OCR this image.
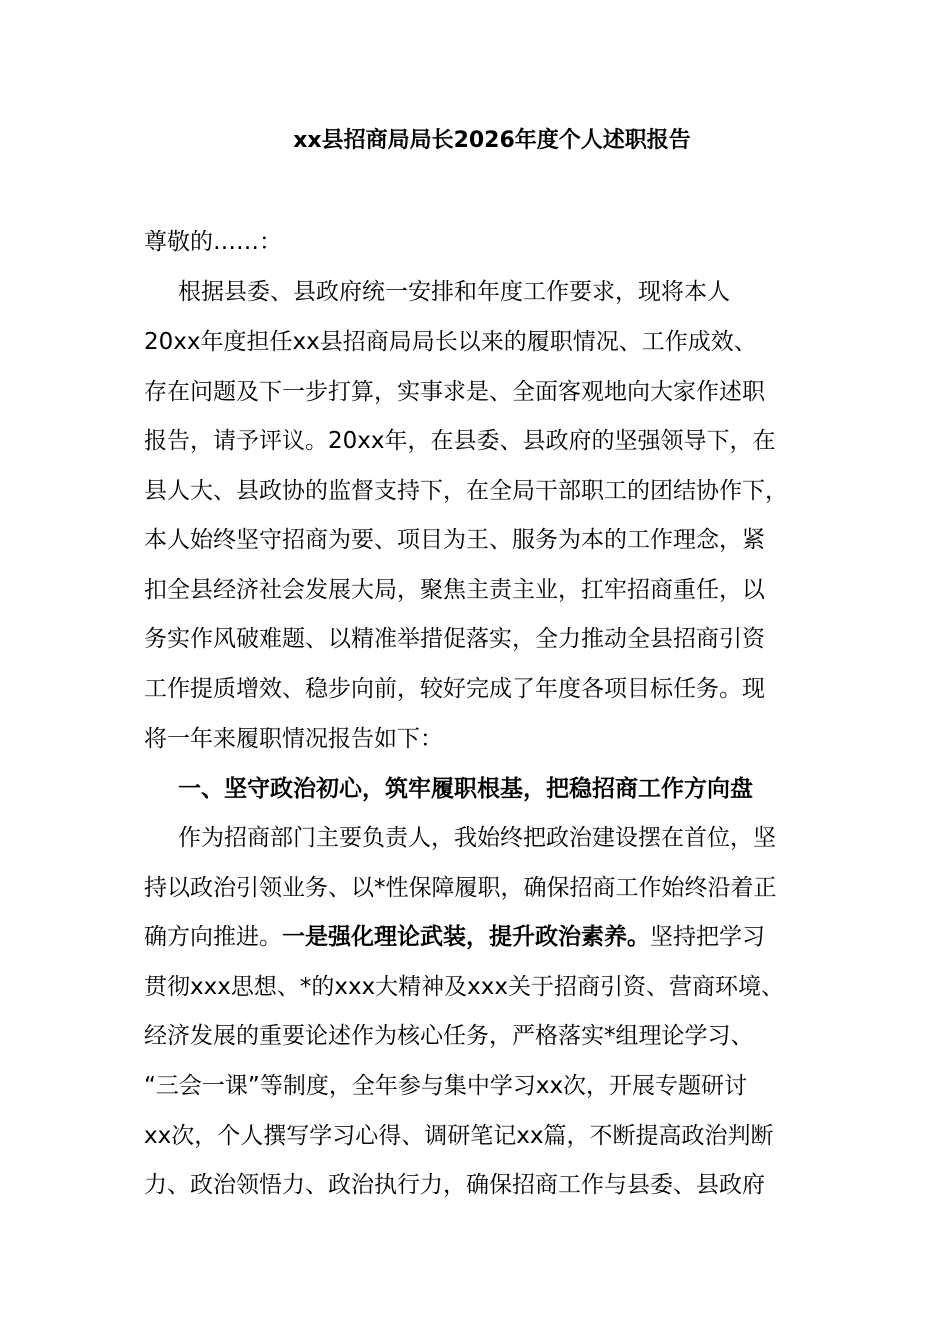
xx县招商局局长2026年度个人述职报告
尊敬的……：
根据县委、县政府统一安排和年度工作要求，现将本人
20xx年度担任xx县招商局局长以来的履职情况、工作成效、
存在问题及下一步打算，实事求是、全面客观地向大家作述职
报告，请予评议。20xx年，在县委、县政府的坚强领导下，在
县人大、县政协的监督支持下，在全局干部职工的团结协作下，
本人始终坚守招商为要、项目为王、服务为本的工作理念，紧
扣全县经济社会发展大局，聚焦主责主业，扛牢招商重任，以
务实作风破难题、以精准举措促落实，全力推动全县招商引资
工作提质增效、稳步向前，较好完成了年度各项目标任务。现
将一年来履职情况报告如下：
一、坚守政治初心，筑牢履职根基，把稳招商工作方向盘
作为招商部门主要负责人，我始终把政治建设摆在首位，坚
持以政治引领业务、以*性保障履职，确保招商工作始终沿着正
确方向推进。一是强化理论武装，提升政治素养。坚持把学习
贯彻xxx思想、*的xxx大精神及xxx关于招商引资、营商环境、
经济发展的重要论述作为核心任务，严格落实*组理论学习、
“三会一课”等制度，全年参与集中学习xx次，开展专题研讨
xx次，个人撰写学习心得、调研笔记xx篇，不断提高政治判断
力、政治领悟力、政治执行力，确保招商工作与县委、县政府
